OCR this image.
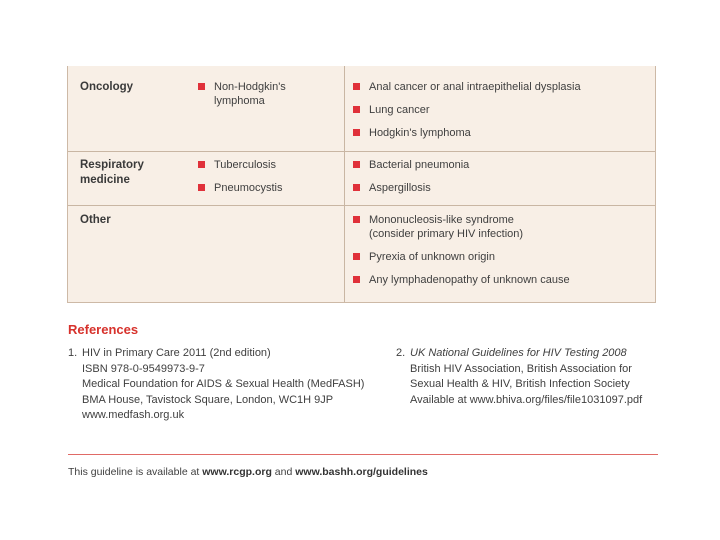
Oncology	Non-Hodgkin's lymphoma
Anal cancer or anal intraepithelial dysplasia
Lung cancer
Hodgkin's lymphoma
Respiratory
medicine
Tuberculosis
Pneumocystis
Bacterial pneumonia
Aspergillosis
Other	Mononucleosis-like syndrome (consider primary HIV infection)
Pyrexia of unknown origin
Any lymphadenopathy of unknown cause
References
1. HIV in Primary Care 2011 (2nd edition)
ISBN 978-0-9549973-9-7
Medical Foundation for AIDS & Sexual Health (MedFASH)
BMA House, Tavistock Square, London, WC1H 9JP
www.medfash.org.uk
2. UK National Guidelines for HIV Testing 2008
British HIV Association, British Association for
Sexual Health & HIV, British Infection Society
Available at www.bhiva.org/files/file1031097.pdf
This guideline is available at www.rcgp.org and www.bashh.org/guidelines
